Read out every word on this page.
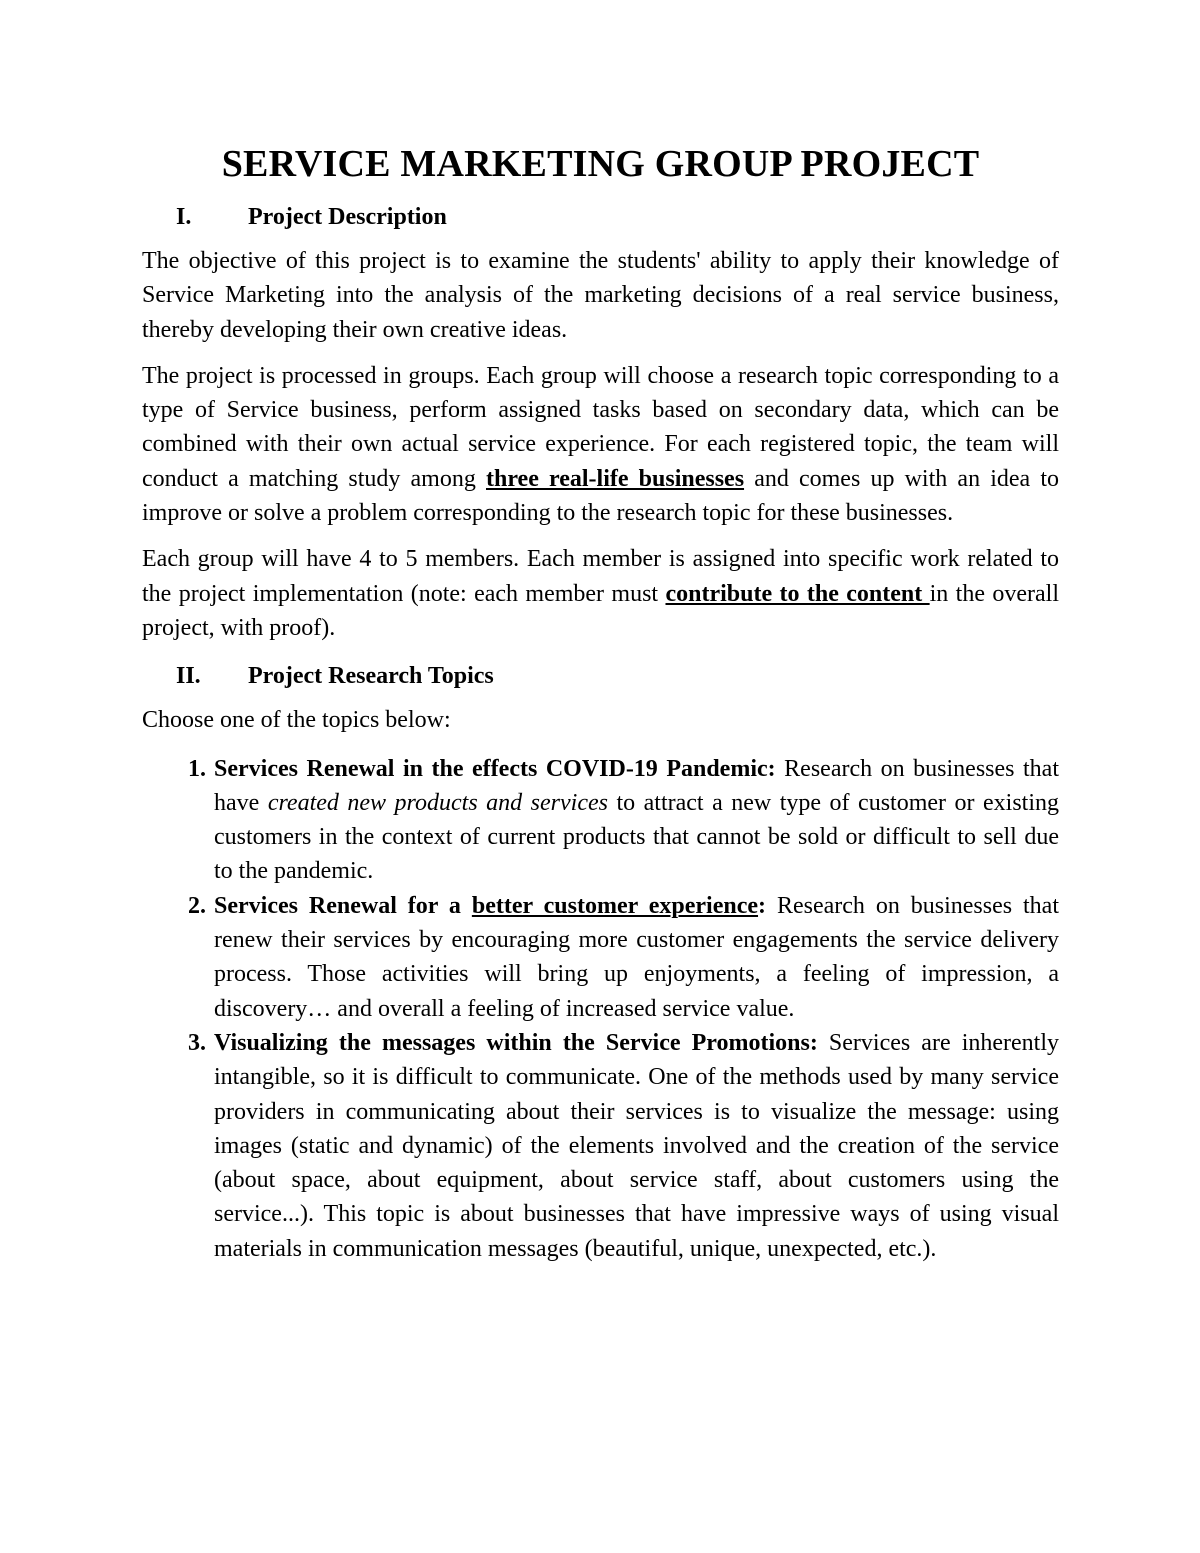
SERVICE MARKETING GROUP PROJECT
I.	Project Description

The objective of this project is to examine the students' ability to apply their knowledge of Service Marketing into the analysis of the marketing decisions of a real service business, thereby developing their own creative ideas.

The project is processed in groups. Each group will choose a research topic corresponding to a type of Service business, perform assigned tasks based on secondary data, which can be combined with their own actual service experience. For each registered topic, the team will conduct a matching study among three real-life businesses and comes up with an idea to improve or solve a problem corresponding to the research topic for these businesses.

Each group will have 4 to 5 members. Each member is assigned into specific work related to the project implementation (note: each member must contribute to the content in the overall project, with proof).

II.	Project Research Topics

Choose one of the topics below:

1. Services Renewal in the effects COVID-19 Pandemic: Research on businesses that have created new products and services to attract a new type of customer or existing customers in the context of current products that cannot be sold or difficult to sell due to the pandemic.
2. Services Renewal for a better customer experience: Research on businesses that renew their services by encouraging more customer engagements the service delivery process. Those activities will bring up enjoyments, a feeling of impression, a discovery… and overall a feeling of increased service value.
3. Visualizing the messages within the Service Promotions: Services are inherently intangible, so it is difficult to communicate. One of the methods used by many service providers in communicating about their services is to visualize the message: using images (static and dynamic) of the elements involved and the creation of the service (about space, about equipment, about service staff, about customers using the service...). This topic is about businesses that have impressive ways of using visual materials in communication messages (beautiful, unique, unexpected, etc.).
